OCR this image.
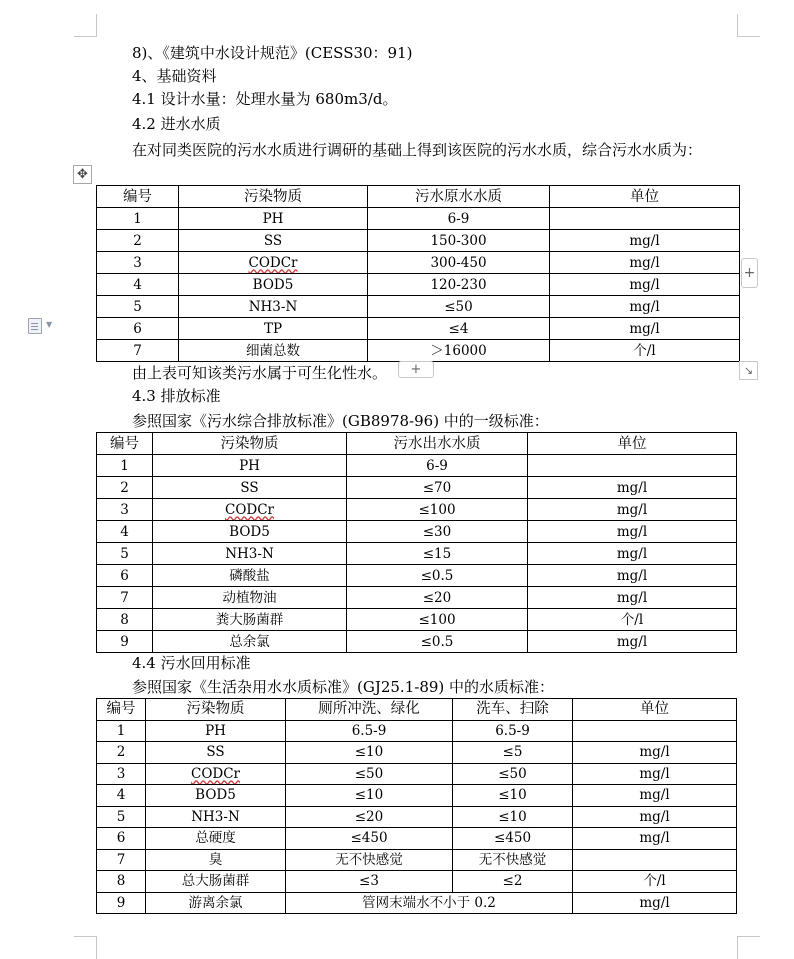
▼
8)、《建筑中水设计规范》(CESS30：91)
4、基础资料
4.1 设计水量：处理水量为 680m3/d。
4.2 进水水质
在对同类医院的污水水质进行调研的基础上得到该医院的污水水质，综合污水水质为：
✥
编号	污染物质	污水原水水质	单位
1	PH	6-9	
2	SS	150-300	mg/l
3	CODCr	300-450	mg/l
4	BOD5	120-230	mg/l
5	NH3-N	≤50	mg/l
6	TP	≤4	mg/l
7	细菌总数	＞16000	个/l
+
由上表可知该类污水属于可生化性水。	+	↘
4.3 排放标准
参照国家《污水综合排放标准》(GB8978-96) 中的一级标准：
编号	污染物质	污水出水水质	单位
1	PH	6-9	
2	SS	≤70	mg/l
3	CODCr	≤100	mg/l
4	BOD5	≤30	mg/l
5	NH3-N	≤15	mg/l
6	磷酸盐	≤0.5	mg/l
7	动植物油	≤20	mg/l
8	粪大肠菌群	≤100	个/l
9	总余氯	≤0.5	mg/l
4.4 污水回用标准
参照国家《生活杂用水水质标准》(GJ25.1-89) 中的水质标准：
编号	污染物质	厕所冲洗、绿化	洗车、扫除	单位
1	PH	6.5-9	6.5-9	
2	SS	≤10	≤5	mg/l
3	CODCr	≤50	≤50	mg/l
4	BOD5	≤10	≤10	mg/l
5	NH3-N	≤20	≤10	mg/l
6	总硬度	≤450	≤450	mg/l
7	臭	无不快感觉	无不快感觉	
8	总大肠菌群	≤3	≤2	个/l
9	游离余氯	管网末端水不小于 0.2		mg/l
